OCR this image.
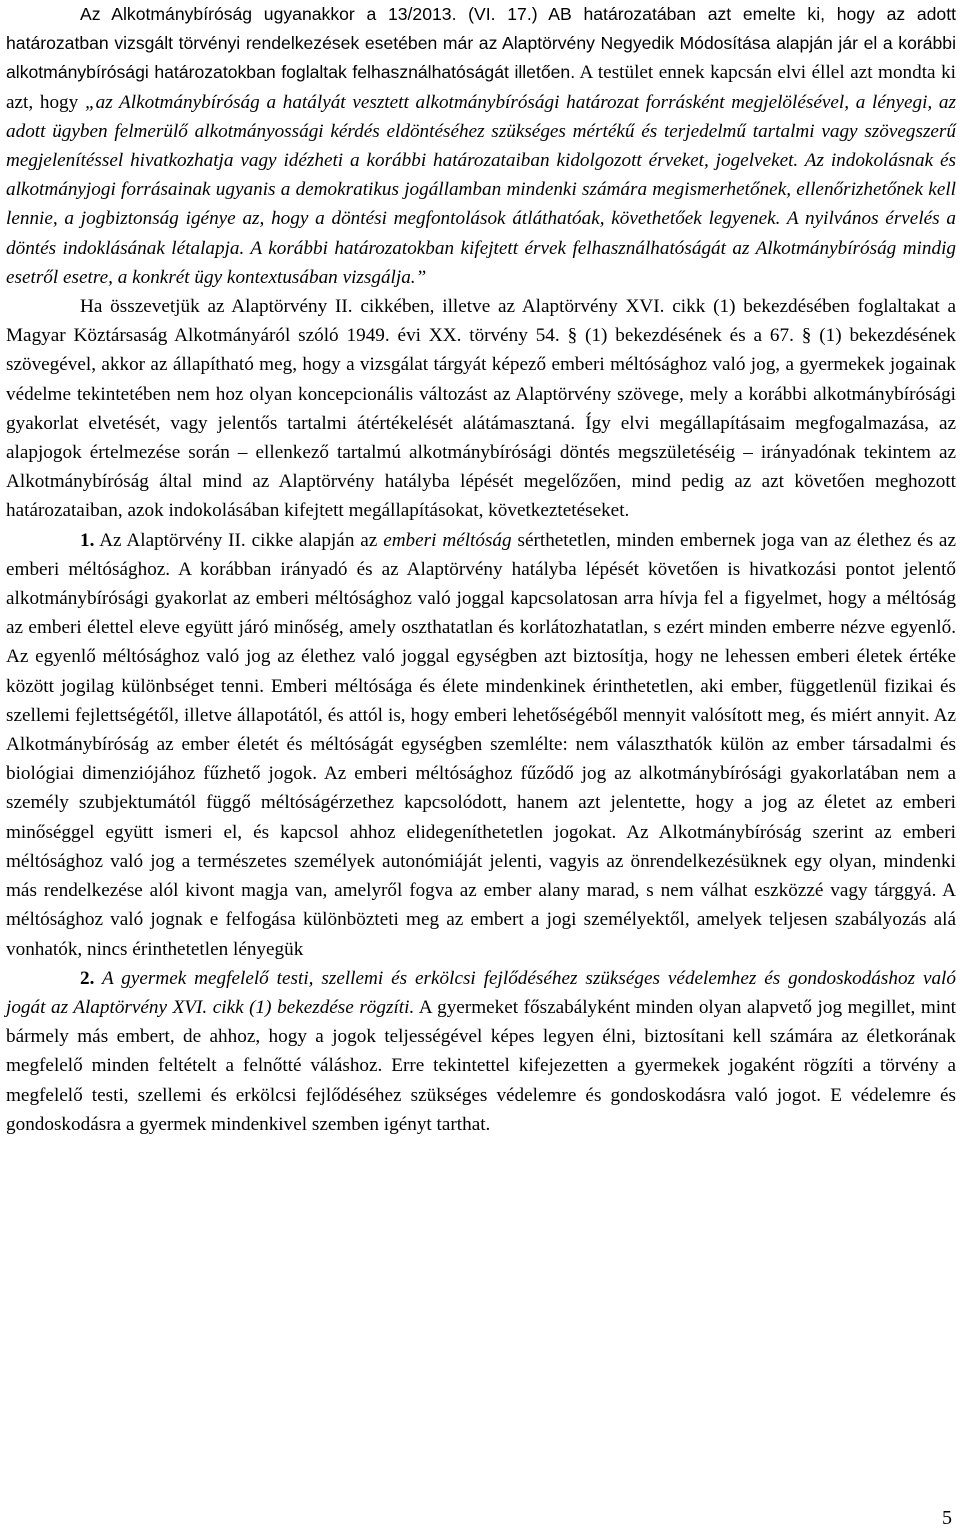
Az Alkotmánybíróság ugyanakkor a 13/2013. (VI. 17.) AB határozatában azt emelte ki, hogy az adott határozatban vizsgált törvényi rendelkezések esetében már az Alaptörvény Negyedik Módosítása alapján jár el a korábbi alkotmánybírósági határozatokban foglaltak felhasználhatóságát illetően. A testület ennek kapcsán elvi éllel azt mondta ki azt, hogy „az Alkotmánybíróság a hatályát vesztett alkotmánybírósági határozat forrásként megjelölésével, a lényegi, az adott ügyben felmerülő alkotmányossági kérdés eldöntéséhez szükséges mértékű és terjedelmű tartalmi vagy szövegszerű megjelenítéssel hivatkozhatja vagy idézheti a korábbi határozataiban kidolgozott érveket, jogelveket. Az indokolásnak és alkotmányjogi forrásainak ugyanis a demokratikus jogállamban mindenki számára megismerhetőnek, ellenőrizhetőnek kell lennie, a jogbiztonság igénye az, hogy a döntési megfontolások átláthatóak, követhetőek legyenek. A nyilvános érvelés a döntés indoklásának létalapja. A korábbi határozatokban kifejtett érvek felhasználhatóságát az Alkotmánybíróság mindig esetről esetre, a konkrét ügy kontextusában vizsgálja.”

Ha összevetjük az Alaptörvény II. cikkében, illetve az Alaptörvény XVI. cikk (1) bekezdésében foglaltakat a Magyar Köztársaság Alkotmányáról szóló 1949. évi XX. törvény 54. § (1) bekezdésének és a 67. § (1) bekezdésének szövegével, akkor az állapítható meg, hogy a vizsgálat tárgyát képező emberi méltósághoz való jog, a gyermekek jogainak védelme tekintetében nem hoz olyan koncepcionális változást az Alaptörvény szövege, mely a korábbi alkotmánybírósági gyakorlat elvetését, vagy jelentős tartalmi átértékelését alátámasztaná. Így elvi megállapításaim megfogalmazása, az alapjogok értelmezése során – ellenkező tartalmú alkotmánybírósági döntés megszületéséig – irányadónak tekintem az Alkotmánybíróság által mind az Alaptörvény hatályba lépését megelőzően, mind pedig az azt követően meghozott határozataiban, azok indokolásában kifejtett megállapításokat, következtetéseket.

1. Az Alaptörvény II. cikke alapján az emberi méltóság sérthetetlen, minden embernek joga van az élethez és az emberi méltósághoz. A korábban irányadó és az Alaptörvény hatályba lépését követően is hivatkozási pontot jelentő alkotmánybírósági gyakorlat az emberi méltósághoz való joggal kapcsolatosan arra hívja fel a figyelmet, hogy a méltóság az emberi élettel eleve együtt járó minőség, amely oszthatatlan és korlátozhatatlan, s ezért minden emberre nézve egyenlő. Az egyenlő méltósághoz való jog az élethez való joggal egységben azt biztosítja, hogy ne lehessen emberi életek értéke között jogilag különbséget tenni. Emberi méltósága és élete mindenkinek érinthetetlen, aki ember, függetlenül fizikai és szellemi fejlettségétől, illetve állapotától, és attól is, hogy emberi lehetőségéből mennyit valósított meg, és miért annyit. Az Alkotmánybíróság az ember életét és méltóságát egységben szemlélte: nem választhatók külön az ember társadalmi és biológiai dimenziójához fűzhető jogok. Az emberi méltósághoz fűződő jog az alkotmánybírósági gyakorlatában nem a személy szubjektumától függő méltóságérzethez kapcsolódott, hanem azt jelentette, hogy a jog az életet az emberi minőséggel együtt ismeri el, és kapcsol ahhoz elidegeníthetetlen jogokat. Az Alkotmánybíróság szerint az emberi méltósághoz való jog a természetes személyek autonómiáját jelenti, vagyis az önrendelkezésüknek egy olyan, mindenki más rendelkezése alól kivont magja van, amelyről fogva az ember alany marad, s nem válhat eszközzé vagy tárggyá. A méltósághoz való jognak e felfogása különbözteti meg az embert a jogi személyektől, amelyek teljesen szabályozás alá vonhatók, nincs érinthetetlen lényegük

2. A gyermek megfelelő testi, szellemi és erkölcsi fejlődéséhez szükséges védelemhez és gondoskodáshoz való jogát az Alaptörvény XVI. cikk (1) bekezdése rögzíti. A gyermeket főszabályként minden olyan alapvető jog megillet, mint bármely más embert, de ahhoz, hogy a jogok teljességével képes legyen élni, biztosítani kell számára az életkorának megfelelő minden feltételt a felnőtté váláshoz. Erre tekintettel kifejezetten a gyermekek jogaként rögzíti a törvény a megfelelő testi, szellemi és erkölcsi fejlődéséhez szükséges védelemre és gondoskodásra való jogot. E védelemre és gondoskodásra a gyermek mindenkivel szemben igényt tarthat.

5
